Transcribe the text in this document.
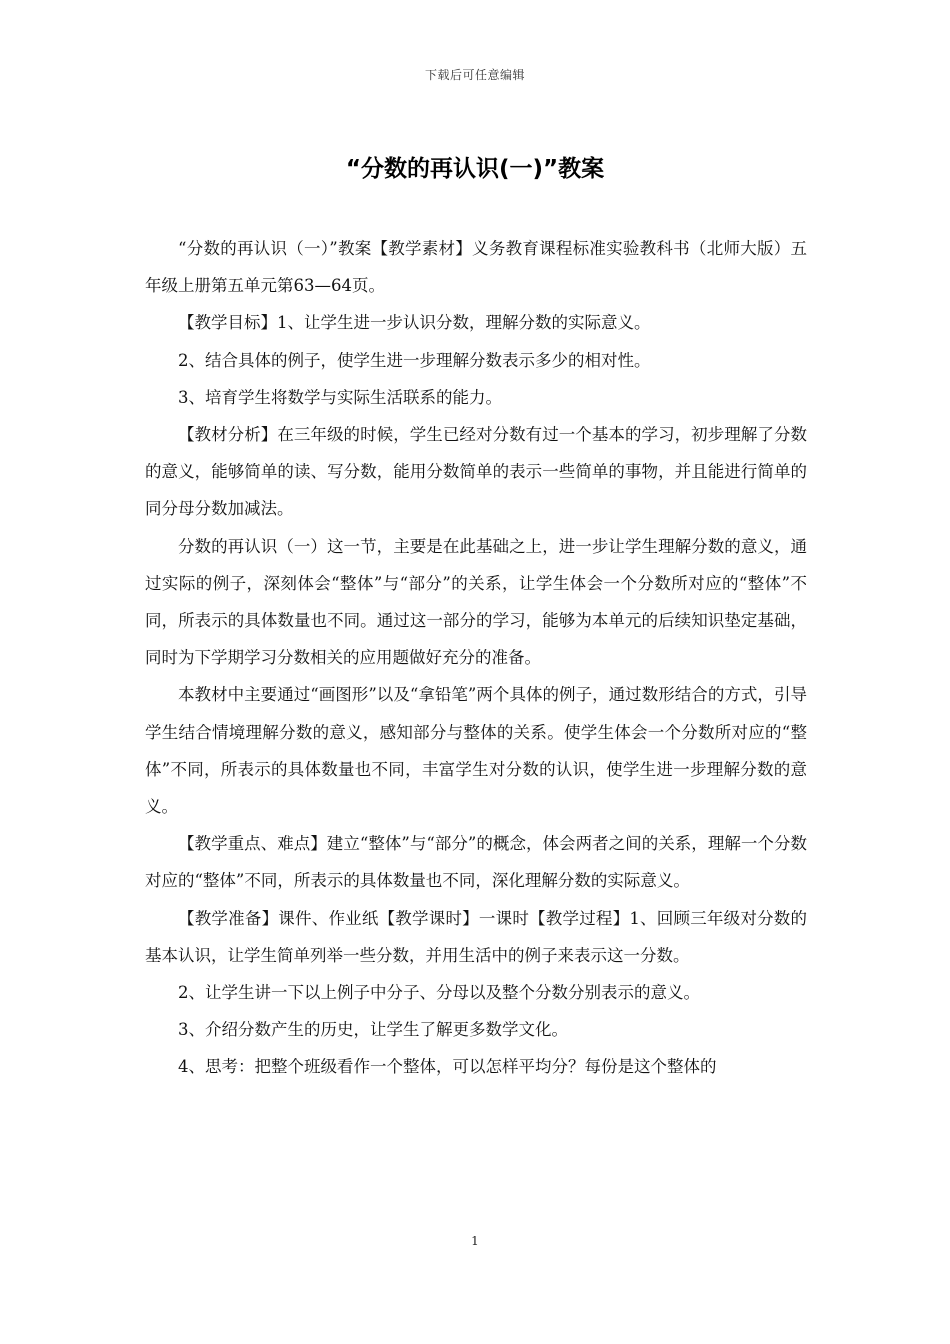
下载后可任意编辑
“分数的再认识(一)”教案

“分数的再认识（一）”教案【教学素材】义务教育课程标准实验教科书（北师大版）五年级上册第五单元第63—64页。

【教学目标】1、让学生进一步认识分数，理解分数的实际意义。

2、结合具体的例子，使学生进一步理解分数表示多少的相对性。

3、培育学生将数学与实际生活联系的能力。

【教材分析】在三年级的时候，学生已经对分数有过一个基本的学习，初步理解了分数的意义，能够简单的读、写分数，能用分数简单的表示一些简单的事物，并且能进行简单的同分母分数加减法。

分数的再认识（一）这一节，主要是在此基础之上，进一步让学生理解分数的意义，通过实际的例子，深刻体会“整体”与“部分”的关系，让学生体会一个分数所对应的“整体”不同，所表示的具体数量也不同。通过这一部分的学习，能够为本单元的后续知识垫定基础，同时为下学期学习分数相关的应用题做好充分的准备。

本教材中主要通过“画图形”以及“拿铅笔”两个具体的例子，通过数形结合的方式，引导学生结合情境理解分数的意义，感知部分与整体的关系。使学生体会一个分数所对应的“整体”不同，所表示的具体数量也不同，丰富学生对分数的认识，使学生进一步理解分数的意义。

【教学重点、难点】建立“整体”与“部分”的概念，体会两者之间的关系，理解一个分数对应的“整体”不同，所表示的具体数量也不同，深化理解分数的实际意义。

【教学准备】课件、作业纸【教学课时】一课时【教学过程】1、回顾三年级对分数的基本认识，让学生简单列举一些分数，并用生活中的例子来表示这一分数。

2、让学生讲一下以上例子中分子、分母以及整个分数分别表示的意义。

3、介绍分数产生的历史，让学生了解更多数学文化。

4、思考：把整个班级看作一个整体，可以怎样平均分？每份是这个整体的

1
